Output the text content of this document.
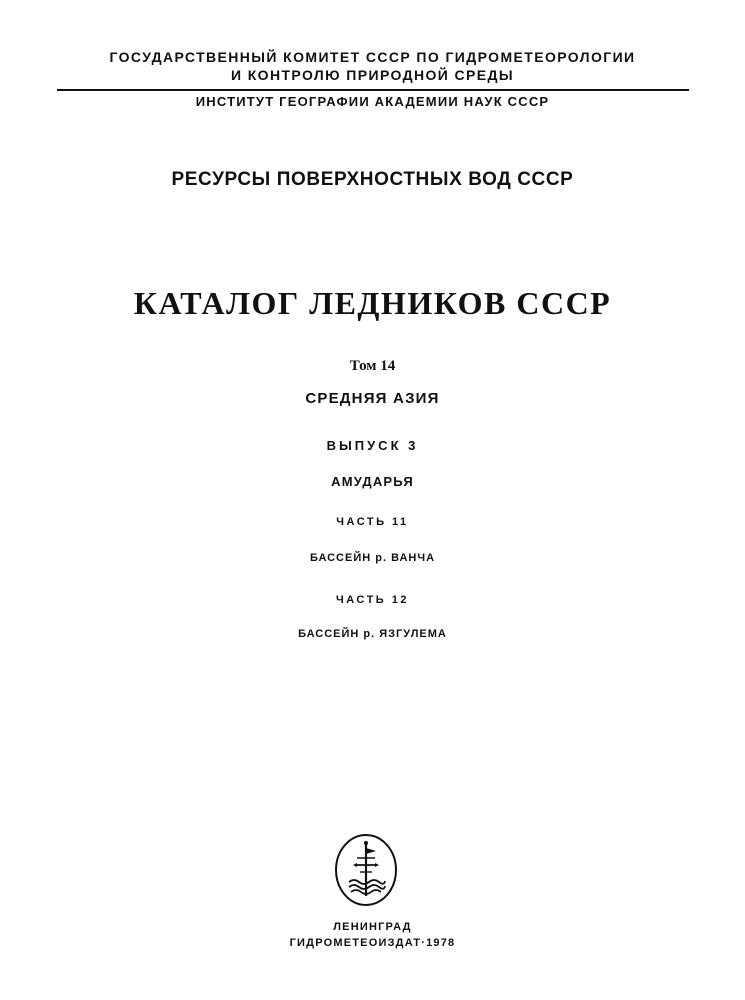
ГОСУДАРСТВЕННЫЙ КОМИТЕТ СССР ПО ГИДРОМЕТЕОРОЛОГИИ
И КОНТРОЛЮ ПРИРОДНОЙ СРЕДЫ
ИНСТИТУТ ГЕОГРАФИИ АКАДЕМИИ НАУК СССР
РЕСУРСЫ ПОВЕРХНОСТНЫХ ВОД СССР
КАТАЛОГ ЛЕДНИКОВ СССР
Том 14
СРЕДНЯЯ АЗИЯ
ВЫПУСК 3
АМУДАРЬЯ
ЧАСТЬ 11
БАССЕЙН р. ВАНЧА
ЧАСТЬ 12
БАССЕЙН р. ЯЗГУЛЕМА
ЛЕНИНГРАД
ГИДРОМЕТЕОИЗДАТ·1978
